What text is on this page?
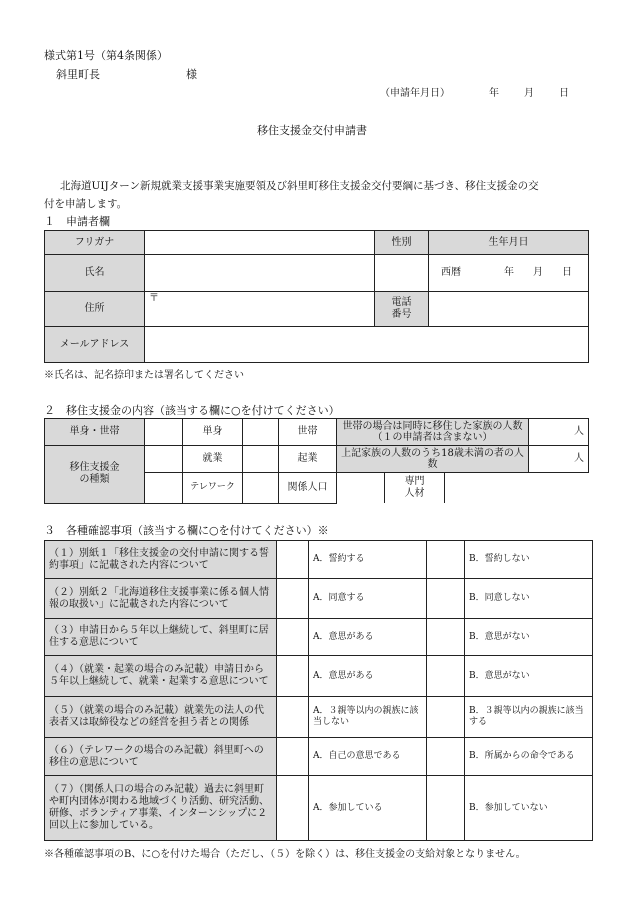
様式第1号（第4条関係）
斜里町長	様
（申請年月日）	年	月	日
移住支援金交付申請書
北海道UIJターン新規就業支援事業実施要領及び斜里町移住支援金交付要綱に基づき、移住支援金の交
付を申請します。
１　申請者欄
フリガナ		性別	生年月日
氏名			西暦 年 月 日

住所	〒	電話
番号	

メールアドレス			
※氏名は、記名捺印または署名してください
２　移住支援金の内容（該当する欄に○を付けてください）
単身・世帯		単身		世帯	世帯の場合は同時に移住した家族の人数（１の申請者は含まない）	人

移住支援金
の種類		就業		起業	上記家族の人数のうち18歳未満の者の人数	人
		テレワーク		関係人口	専門
人材	

３　各種確認事項（該当する欄に○を付けてください）※
（１）別紙１「移住支援金の交付申請に関する誓約事項」に記載された内容について		A．誓約する		B．誓約しない
（２）別紙２「北海道移住支援事業に係る個人情報の取扱い」に記載された内容について		A．同意する		B．同意しない
（３）申請日から５年以上継続して、斜里町に居住する意思について		A．意思がある		B．意思がない
（４）（就業・起業の場合のみ記載）申請日から５年以上継続して、就業・起業する意思について		A．意思がある		B．意思がない
（５）（就業の場合のみ記載）就業先の法人の代表者又は取締役などの経営を担う者との関係		A．３親等以内の親族に該当しない		B．３親等以内の親族に該当する
（６）（テレワークの場合のみ記載）斜里町への移住の意思について		A．自己の意思である		B．所属からの命令である
（７）（関係人口の場合のみ記載）過去に斜里町や町内団体が関わる地域づくり活動、研究活動、研修、ボランティア事業、インターンシップに２回以上に参加している。		A．参加している		B．参加していない
※各種確認事項のB、に○を付けた場合（ただし、（５）を除く）は、移住支援金の支給対象となりません。
